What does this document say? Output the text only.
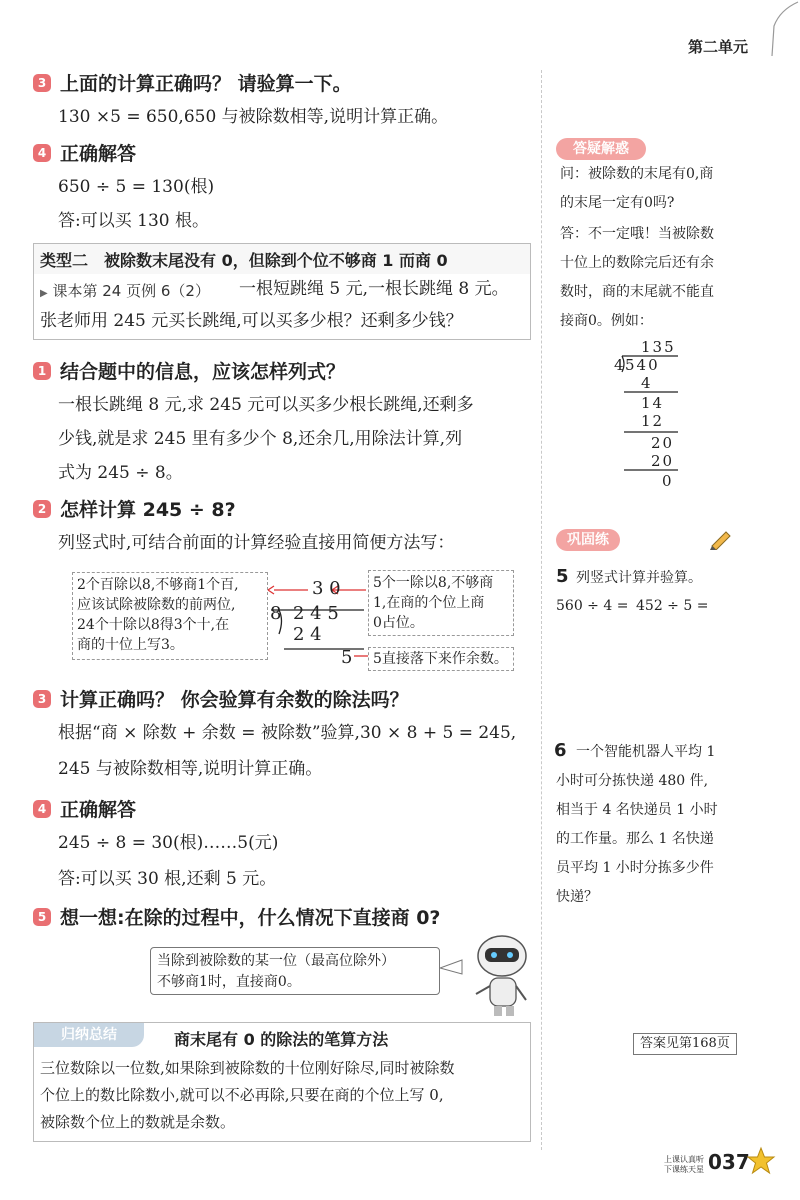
第二单元
3 上面的计算正确吗？ 请验算一下。
130 ×5 = 650,650 与被除数相等,说明计算正确。
4 正确解答
650 ÷ 5 = 130(根)
答:可以买 130 根。
类型二　被除数末尾没有 0，但除到个位不够商 1 而商 0
▶ 课本第 24 页例 6（2） 一根短跳绳 5 元,一根长跳绳 8 元。
张老师用 245 元买长跳绳,可以买多少根？还剩多少钱？
1 结合题中的信息，应该怎样列式？
一根长跳绳 8 元,求 245 元可以买多少根长跳绳,还剩多
少钱,就是求 245 里有多少个 8,还余几,用除法计算,列
式为 245 ÷ 8。
2 怎样计算 245 ÷ 8?
列竖式时,可结合前面的计算经验直接用简便方法写：
2个百除以8,不够商1个百,
应该试除被除数的前两位,
24个十除以8得3个十,在
商的十位上写3。
5个一除以8,不够商
1,在商的个位上商
0占位。
5直接落下来作余数。
3 0
8 2 4 5
2 4
5
3 计算正确吗？ 你会验算有余数的除法吗？
根据“商 × 除数 + 余数 = 被除数”验算,30 × 8 + 5 = 245,
245 与被除数相等,说明计算正确。
4 正确解答
245 ÷ 8 = 30(根)……5(元)
答:可以买 30 根,还剩 5 元。
5 想一想:在除的过程中，什么情况下直接商 0?
当除到被除数的某一位（最高位除外）
不够商1时，直接商0。
归纳总结	商末尾有 0 的除法的笔算方法
三位数除以一位数,如果除到被除数的十位刚好除尽,同时被除数
个位上的数比除数小,就可以不必再除,只要在商的个位上写 0,
被除数个位上的数就是余数。
答疑解惑
问：被除数的末尾有0,商
的末尾一定有0吗?
答：不一定哦！当被除数
十位上的数除完后还有余
数时，商的末尾就不能直
接商0。例如：
135
4 540
4
14
12
20
20
0
巩固练
5 列竖式计算并验算。
560 ÷ 4 = 452 ÷ 5 =
6 一个智能机器人平均 1
小时可分拣快递 480 件,
相当于 4 名快递员 1 小时
的工作量。那么 1 名快递
员平均 1 小时分拣多少件
快递？
答案见第168页
上课认真听
下课练天星 037
